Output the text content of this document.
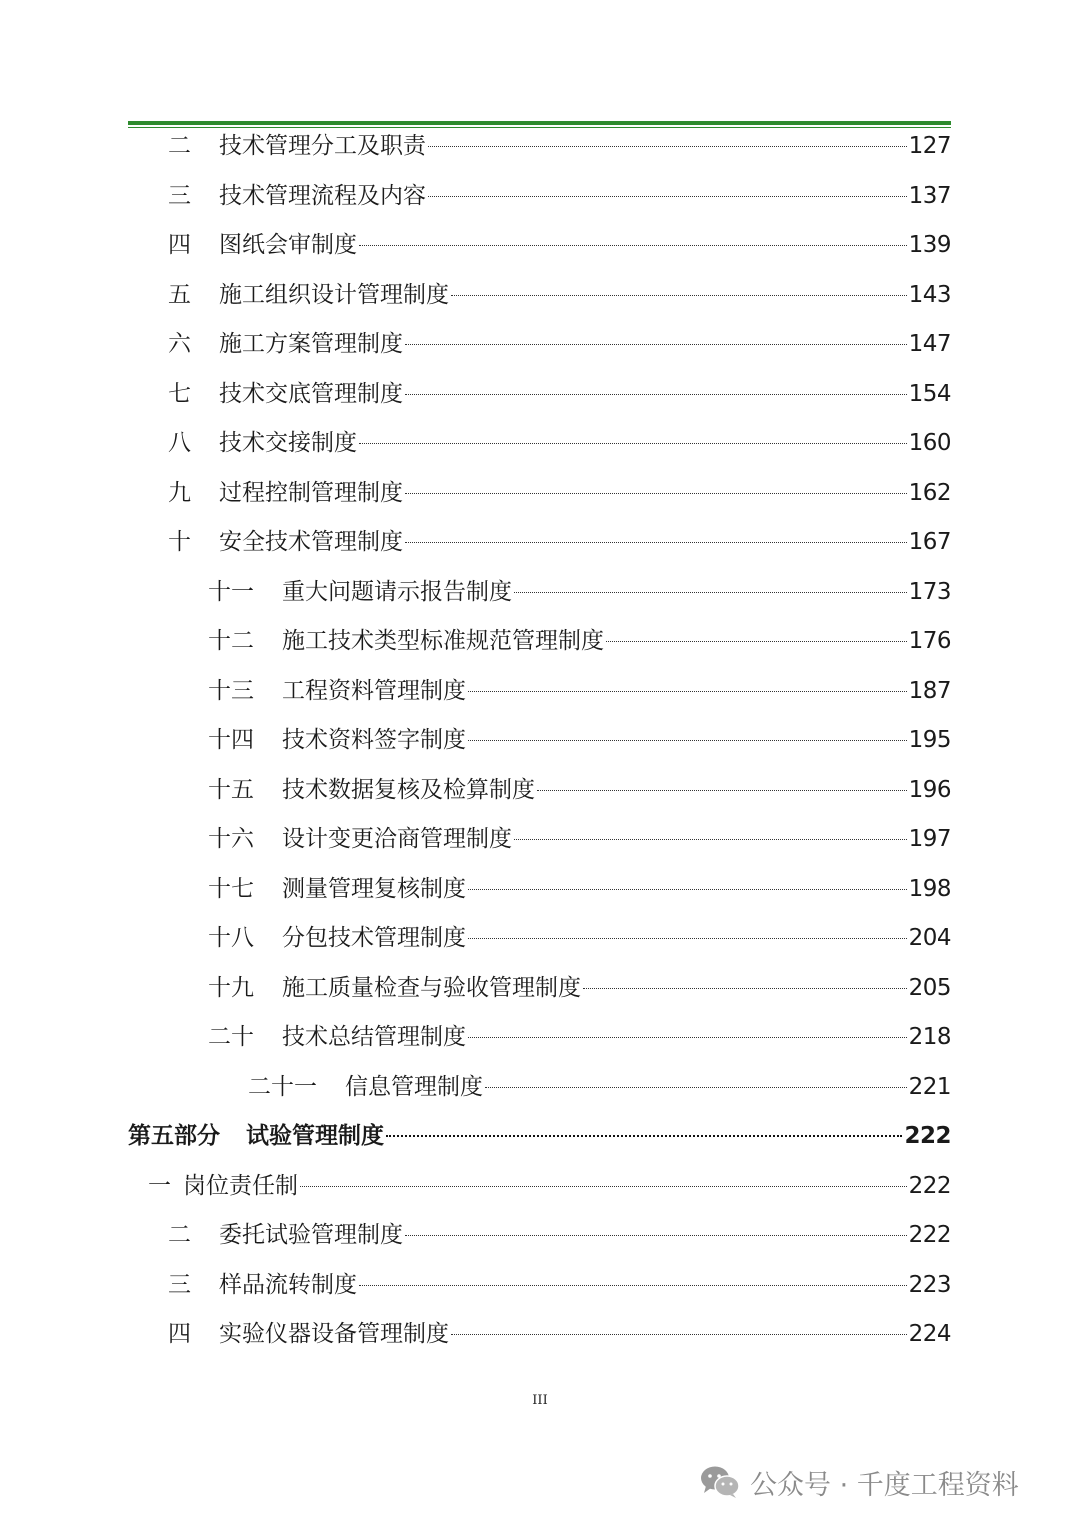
二 技术管理分工及职责	127
三 技术管理流程及内容	137
四 图纸会审制度	139
五 施工组织设计管理制度	143
六 施工方案管理制度	147
七 技术交底管理制度	154
八 技术交接制度	160
九 过程控制管理制度	162
十 安全技术管理制度	167
十一 重大问题请示报告制度	173
十二 施工技术类型标准规范管理制度	176
十三 工程资料管理制度	187
十四 技术资料签字制度	195
十五 技术数据复核及检算制度	196
十六 设计变更洽商管理制度	197
十七 测量管理复核制度	198
十八 分包技术管理制度	204
十九 施工质量检查与验收管理制度	205
二十 技术总结管理制度	218
二十一 信息管理制度	221
第五部分 试验管理制度	222
一 岗位责任制	222
二 委托试验管理制度	222
三 样品流转制度	223
四 实验仪器设备管理制度	224
III
公众号 · 千度工程资料
